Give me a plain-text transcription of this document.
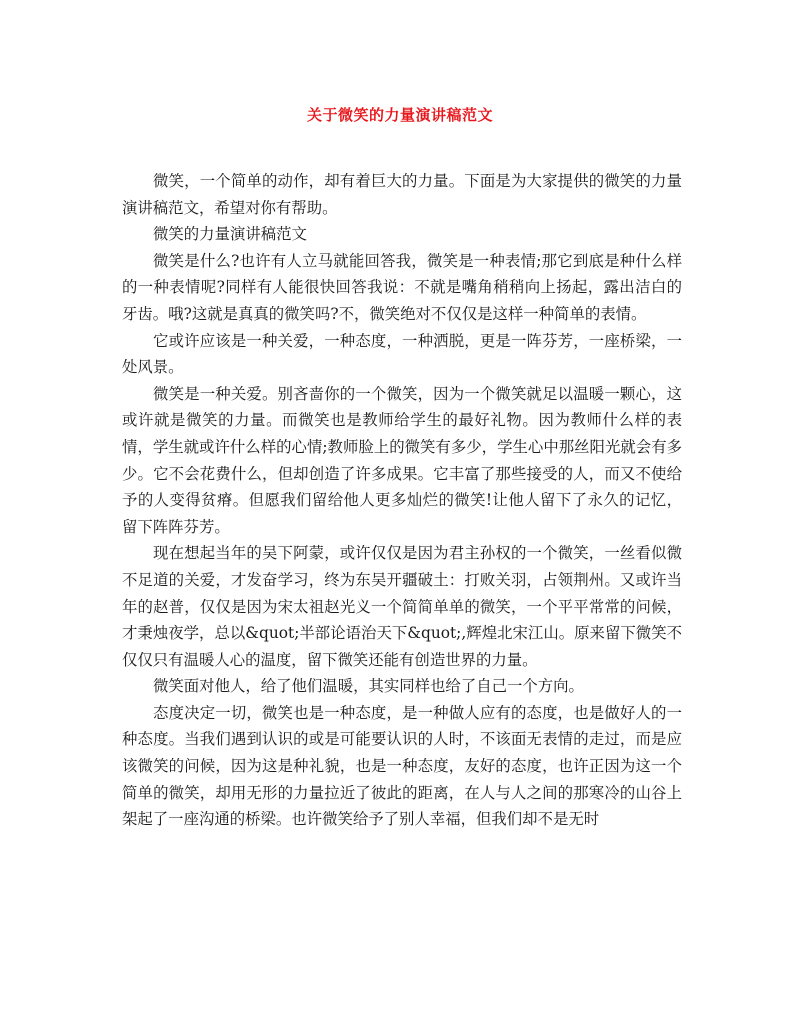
关于微笑的力量演讲稿范文

微笑，一个简单的动作，却有着巨大的力量。下面是为大家提供的微笑的力量演讲稿范文，希望对你有帮助。

微笑的力量演讲稿范文

微笑是什么?也许有人立马就能回答我，微笑是一种表情;那它到底是种什么样的一种表情呢?同样有人能很快回答我说：不就是嘴角稍稍向上扬起，露出洁白的牙齿。哦?这就是真真的微笑吗?不，微笑绝对不仅仅是这样一种简单的表情。

它或许应该是一种关爱，一种态度，一种洒脱，更是一阵芬芳，一座桥梁，一处风景。

微笑是一种关爱。别吝啬你的一个微笑，因为一个微笑就足以温暖一颗心，这或许就是微笑的力量。而微笑也是教师给学生的最好礼物。因为教师什么样的表情，学生就或许什么样的心情;教师脸上的微笑有多少，学生心中那丝阳光就会有多少。它不会花费什么，但却创造了许多成果。它丰富了那些接受的人，而又不使给予的人变得贫瘠。但愿我们留给他人更多灿烂的微笑!让他人留下了永久的记忆，留下阵阵芬芳。

现在想起当年的吴下阿蒙，或许仅仅是因为君主孙权的一个微笑，一丝看似微不足道的关爱，才发奋学习，终为东吴开疆破土：打败关羽，占领荆州。又或许当年的赵普，仅仅是因为宋太祖赵光义一个简简单单的微笑，一个平平常常的问候，才秉烛夜学，总以&quot;半部论语治天下&quot;,辉煌北宋江山。原来留下微笑不仅仅只有温暖人心的温度，留下微笑还能有创造世界的力量。

微笑面对他人，给了他们温暖，其实同样也给了自己一个方向。

态度决定一切，微笑也是一种态度，是一种做人应有的态度，也是做好人的一种态度。当我们遇到认识的或是可能要认识的人时，不该面无表情的走过，而是应该微笑的问候，因为这是种礼貌，也是一种态度，友好的态度，也许正因为这一个简单的微笑，却用无形的力量拉近了彼此的距离，在人与人之间的那寒冷的山谷上架起了一座沟通的桥梁。也许微笑给予了别人幸福，但我们却不是无时
